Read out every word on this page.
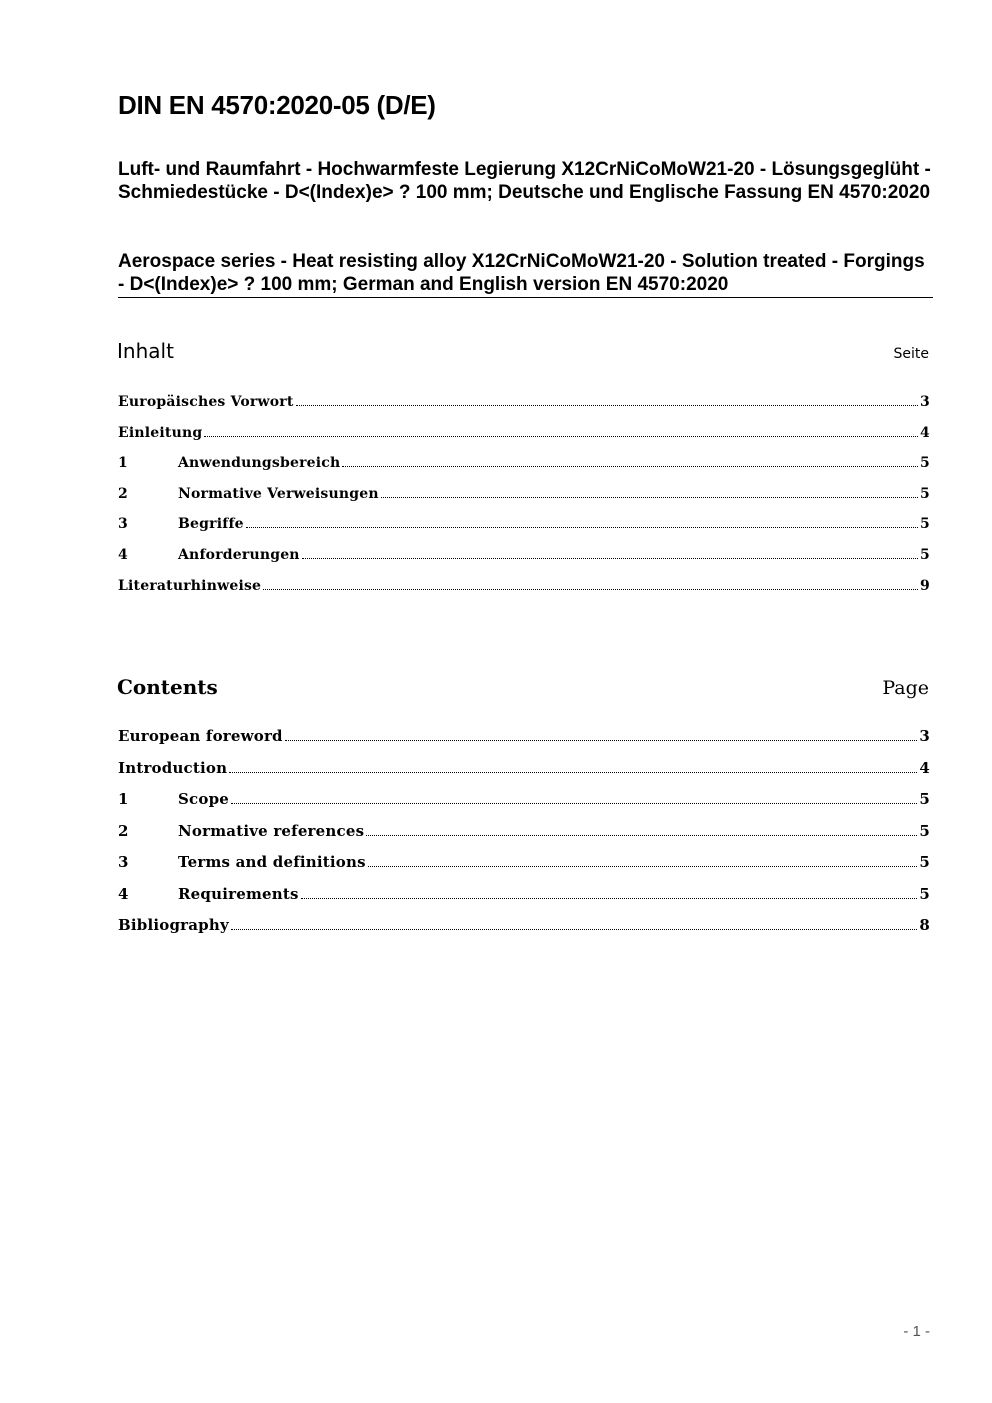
DIN EN 4570:2020-05 (D/E)

Luft- und Raumfahrt - Hochwarmfeste Legierung X12CrNiCoMoW21-20 - Lösungsgeglüht - Schmiedestücke - D<(Index)e> ? 100 mm; Deutsche und Englische Fassung EN 4570:2020

Aerospace series - Heat resisting alloy X12CrNiCoMoW21-20 - Solution treated - Forgings - D<(Index)e> ? 100 mm; German and English version EN 4570:2020

Inhalt	Seite
Europäisches Vorwort	3
Einleitung	4
1	Anwendungsbereich	5
2	Normative Verweisungen	5
3	Begriffe	5
4	Anforderungen	5
Literaturhinweise	9
Contents	Page
European foreword	3
Introduction	4
1	Scope	5
2	Normative references	5
3	Terms and definitions	5
4	Requirements	5
Bibliography	8
- 1 -
